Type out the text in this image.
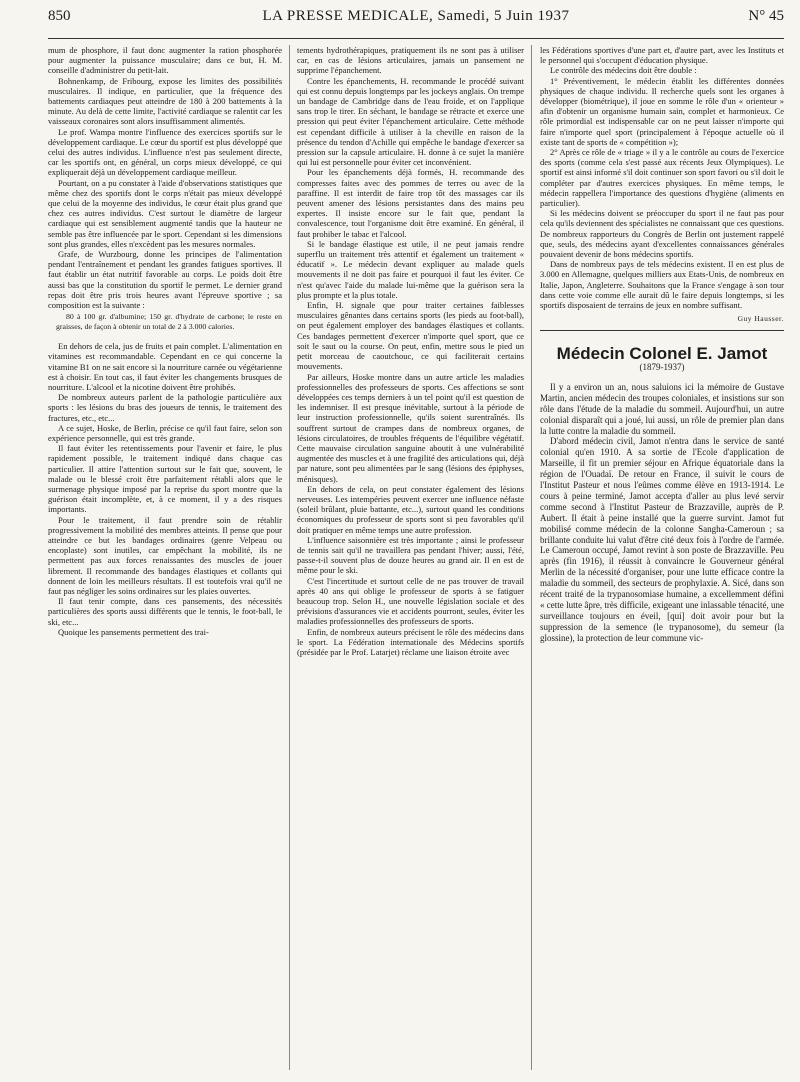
850	LA PRESSE MEDICALE, Samedi, 5 Juin 1937	N° 45

mum de phosphore, il faut donc augmenter la ration phosphorée pour augmenter la puissance musculaire; dans ce but, H. M. conseille d'administrer du petit-lait.

Bohnenkamp, de Fribourg, expose les limites des possibilités musculaires. Il indique, en particulier, que la fréquence des battements cardiaques peut atteindre de 180 à 200 battements à la minute. Au delà de cette limite, l'activité cardiaque se ralentit car les vaisseaux coronaires sont alors insuffisamment alimentés.

Le prof. Wampa montre l'influence des exercices sportifs sur le développement cardiaque. Le cœur du sportif est plus développé que celui des autres individus. L'influence n'est pas seulement directe, car les sportifs ont, en général, un corps mieux développé, ce qui expliquerait déjà un développement cardiaque meilleur.

Pourtant, on a pu constater à l'aide d'observations statistiques que même chez des sportifs dont le corps n'était pas mieux développé que celui de la moyenne des individus, le cœur était plus grand que chez ces autres individus. C'est surtout le diamètre de largeur cardiaque qui est sensiblement augmenté tandis que la hauteur ne semble pas être influencée par le sport. Cependant si les dimensions sont plus grandes, elles n'excèdent pas les mesures normales.

Grafe, de Wurzbourg, donne les principes de l'alimentation pendant l'entraînement et pendant les grandes fatigues sportives. Il faut établir un état nutritif favorable au corps. Le poids doit être aussi bas que la constitution du sportif le permet. Le dernier grand repas doit être pris trois heures avant l'épreuve sportive ; sa composition est la suivante :

80 à 100 gr. d'albumine; 150 gr. d'hydrate de carbone; le reste en graisses, de façon à obtenir un total de 2 à 3.000 calories.

En dehors de cela, jus de fruits et pain complet. L'alimentation en vitamines est recommandable. Cependant en ce qui concerne la vitamine B1 on ne sait encore si la nourriture carnée ou végétarienne est à choisir. En tout cas, il faut éviter les changements brusques de nourriture. L'alcool et la nicotine doivent être prohibés.

De nombreux auteurs parlent de la pathologie particulière aux sports : les lésions du bras des joueurs de tennis, le traitement des fractures, etc., etc...

A ce sujet, Hoske, de Berlin, précise ce qu'il faut faire, selon son expérience personnelle, qui est très grande.

Il faut éviter les retentissements pour l'avenir et faire, le plus rapidement possible, le traitement indiqué dans chaque cas particulier. Il attire l'attention surtout sur le fait que, souvent, le malade ou le blessé croit être parfaitement rétabli alors que le surmenage physique imposé par la reprise du sport montre que la guérison était incomplète, et, à ce moment, il y a des risques importants.

Pour le traitement, il faut prendre soin de rétablir progressivement la mobilité des membres atteints. Il pense que pour atteindre ce but les bandages ordinaires (genre Velpeau ou encoplaste) sont inutiles, car empêchant la mobilité, ils ne permettent pas aux forces renaissantes des muscles de jouer librement. Il recommande des bandages élastiques et collants qui donnent de loin les meilleurs résultats. Il est toutefois vrai qu'il ne faut pas négliger les soins ordinaires sur les plaies ouvertes.

Il faut tenir compte, dans ces pansements, des nécessités particulières des sports aussi différents que le tennis, le foot-ball, le ski, etc...

Quoique les pansements permettent des trai-

tements hydrothérapiques, pratiquement ils ne sont pas à utiliser car, en cas de lésions articulaires, jamais un pansement ne supprime l'épanchement.

Contre les épanchements, H. recommande le procédé suivant qui est connu depuis longtemps par les jockeys anglais. On trempe un bandage de Cambridge dans de l'eau froide, et on l'applique sans trop le tirer. En séchant, le bandage se rétracte et exerce une pression qui peut éviter l'épanchement articulaire. Cette méthode est cependant difficile à utiliser à la cheville en raison de la présence du tendon d'Achille qui empêche le bandage d'exercer sa pression sur la capsule articulaire. H. donne à ce sujet la manière qui lui est personnelle pour éviter cet inconvénient.

Pour les épanchements déjà formés, H. recommande des compresses faites avec des pommes de terres ou avec de la paraffine. Il est interdit de faire trop tôt des massages car ils peuvent amener des lésions persistantes dans des mains peu expertes. Il insiste encore sur le fait que, pendant la convalescence, tout l'organisme doit être examiné. En général, il faut prohiber le tabac et l'alcool.

Si le bandage élastique est utile, il ne peut jamais rendre superflu un traitement très attentif et également un traitement « éducatif ». Le médecin devant expliquer au malade quels mouvements il ne doit pas faire et pourquoi il faut les éviter. Ce n'est qu'avec l'aide du malade lui-même que la guérison sera la plus prompte et la plus totale.

Enfin, H. signale que pour traiter certaines faiblesses musculaires gênantes dans certains sports (les pieds au foot-ball), on peut également employer des bandages élastiques et collants. Ces bandages permettent d'exercer n'importe quel sport, que ce soit le saut ou la course. On peut, enfin, mettre sous le pied un petit morceau de caoutchouc, ce qui faciliterait certains mouvements.

Par ailleurs, Hoske montre dans un autre article les maladies professionnelles des professeurs de sports. Ces affections se sont développées ces temps derniers à un tel point qu'il est question de les indemniser. Il est presque inévitable, surtout à la période de leur instruction professionnelle, qu'ils soient surentraînés. Ils souffrent surtout de crampes dans de nombreux organes, de lésions circulatoires, de troubles fréquents de l'équilibre végétatif. Cette mauvaise circulation sanguine aboutit à une vulnérabilité augmentée des muscles et à une fragilité des articulations qui, déjà par nature, sont peu alimentées par le sang (lésions des épiphyses, ménisques).

En dehors de cela, on peut constater également des lésions nerveuses. Les intempéries peuvent exercer une influence néfaste (soleil brûlant, pluie battante, etc...), surtout quand les conditions économiques du professeur de sports sont si peu favorables qu'il doit pratiquer en même temps une autre profession.

L'influence saisonnière est très importante ; ainsi le professeur de tennis sait qu'il ne travaillera pas pendant l'hiver; aussi, l'été, passe-t-il souvent plus de douze heures au grand air. Il en est de même pour le ski.

C'est l'incertitude et surtout celle de ne pas trouver de travail après 40 ans qui oblige le professeur de sports à se fatiguer beaucoup trop. Selon H., une nouvelle législation sociale et des prévisions d'assurances vie et accidents pourront, seules, éviter les maladies professionnelles des professeurs de sports.

Enfin, de nombreux auteurs précisent le rôle des médecins dans le sport. La Fédération internationale des Médecins sportifs (présidée par le Prof. Latarjet) réclame une liaison étroite avec

les Fédérations sportives d'une part et, d'autre part, avec les Instituts et le personnel qui s'occupent d'éducation physique.

Le contrôle des médecins doit être double :

1° Préventivement, le médecin établit les différentes données physiques de chaque individu. Il recherche quels sont les organes à développer (biométrique), il joue en somme le rôle d'un « orienteur » afin d'obtenir un organisme humain sain, complet et harmonieux. Ce rôle primordial est indispensable car on ne peut laisser n'importe qui faire n'importe quel sport (principalement à l'époque actuelle où il existe tant de sports de « compétition »);

2° Après ce rôle de « triage » il y a le contrôle au cours de l'exercice des sports (comme cela s'est passé aux récents Jeux Olympiques). Le sportif est ainsi informé s'il doit continuer son sport favori ou s'il doit le compléter par d'autres exercices physiques. En même temps, le médecin rappellera l'importance des questions d'hygiène (aliments en particulier).

Si les médecins doivent se préoccuper du sport il ne faut pas pour cela qu'ils deviennent des spécialistes ne connaissant que ces questions. De nombreux rapporteurs du Congrès de Berlin ont justement rappelé que, seuls, des médecins ayant d'excellentes connaissances générales pouvaient devenir de bons médecins sportifs.

Dans de nombreux pays de tels médecins existent. Il en est plus de 3.000 en Allemagne, quelques milliers aux Etats-Unis, de nombreux en Italie, Japon, Angleterre. Souhaitons que la France s'engage à son tour dans cette voie comme elle aurait dû le faire depuis longtemps, si les sportifs disposaient de terrains de jeux en nombre suffisant.

Guy Hausser.
Médecin Colonel E. Jamot
(1879-1937)

Il y a environ un an, nous saluions ici la mémoire de Gustave Martin, ancien médecin des troupes coloniales, et insistions sur son rôle dans l'étude de la maladie du sommeil. Aujourd'hui, un autre colonial disparaît qui a joué, lui aussi, un rôle de premier plan dans la lutte contre la maladie du sommeil.

D'abord médecin civil, Jamot n'entra dans le service de santé colonial qu'en 1910. A sa sortie de l'Ecole d'application de Marseille, il fit un premier séjour en Afrique équatoriale dans la région de l'Ouadaï. De retour en France, il suivit le cours de l'Institut Pasteur et nous l'eûmes comme élève en 1913-1914. Le cours à peine terminé, Jamot accepta d'aller au plus levé servir comme second à l'Institut Pasteur de Brazzaville, auprès de P. Aubert. Il était à peine installé que la guerre survint. Jamot fut mobilisé comme médecin de la colonne Sangha-Cameroun ; sa brillante conduite lui valut d'être cité deux fois à l'ordre de l'armée. Le Cameroun occupé, Jamot revint à son poste de Brazzaville. Peu après (fin 1916), il réussit à convaincre le Gouverneur général Merlin de la nécessité d'organiser, pour une lutte efficace contre la maladie du sommeil, des secteurs de prophylaxie. A. Sicé, dans son récent traité de la trypanosomiase humaine, a excellemment défini « cette lutte âpre, très difficile, exigeant une inlassable ténacité, une surveillance toujours en éveil, [qui] doit avoir pour but la suppression de la semence (le trypanosome), du semeur (la glossine), la protection de leur commune vic-
